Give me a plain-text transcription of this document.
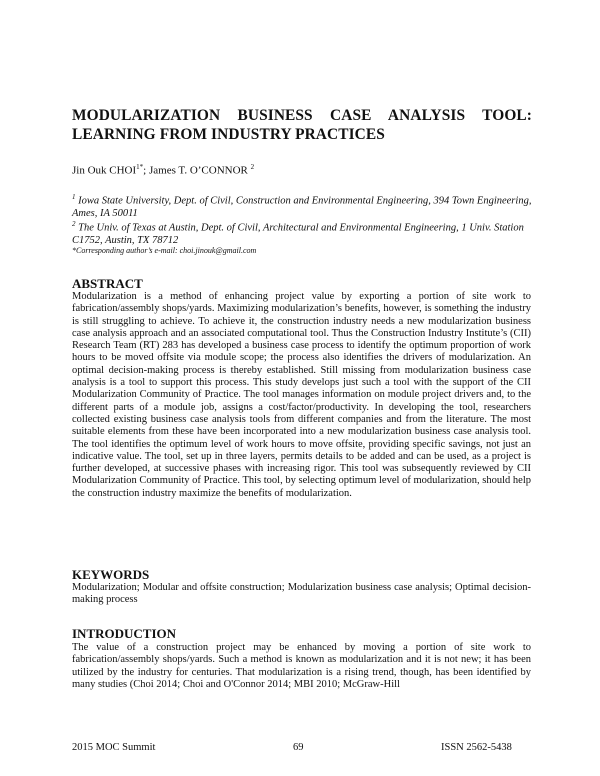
MODULARIZATION BUSINESS CASE ANALYSIS TOOL: LEARNING FROM INDUSTRY PRACTICES
Jin Ouk $CHOI^{1*}$; James T. O’CONNOR $^2$
$^1$ Iowa State University, Dept. of Civil, Construction and Environmental Engineering, 394 Town Engineering, Ames, IA 50011
$^2$ The Univ. of Texas at Austin, Dept. of Civil, Architectural and Environmental Engineering, 1 Univ. Station C1752, Austin, TX 78712
*Corresponding author’s e-mail: choi.jinouk@gmail.com
ABSTRACT

Modularization is a method of enhancing project value by exporting a portion of site work to fabrication/assembly shops/yards. Maximizing modularization’s benefits, however, is something the industry is still struggling to achieve. To achieve it, the construction industry needs a new modularization business case analysis approach and an associated computational tool. Thus the Construction Industry Institute’s (CII) Research Team (RT) 283 has developed a business case process to identify the optimum proportion of work hours to be moved offsite via module scope; the process also identifies the drivers of modularization. An optimal decision-making process is thereby established. Still missing from modularization business case analysis is a tool to support this process. This study develops just such a tool with the support of the CII Modularization Community of Practice. The tool manages information on module project drivers and, to the different parts of a module job, assigns a cost/factor/productivity. In developing the tool, researchers collected existing business case analysis tools from different companies and from the literature. The most suitable elements from these have been incorporated into a new modularization business case analysis tool. The tool identifies the optimum level of work hours to move offsite, providing specific savings, not just an indicative value. The tool, set up in three layers, permits details to be added and can be used, as a project is further developed, at successive phases with increasing rigor. This tool was subsequently reviewed by CII Modularization Community of Practice. This tool, by selecting optimum level of modularization, should help the construction industry maximize the benefits of modularization.

KEYWORDS

Modularization; Modular and offsite construction; Modularization business case analysis; Optimal decision-making process

INTRODUCTION

The value of a construction project may be enhanced by moving a portion of site work to fabrication/assembly shops/yards. Such a method is known as modularization and it is not new; it has been utilized by the industry for centuries. That modularization is a rising trend, though, has been identified by many studies (Choi 2014; Choi and O'Connor 2014; MBI 2010; McGraw-Hill

2015 MOC Summit	69	ISSN 2562-5438
